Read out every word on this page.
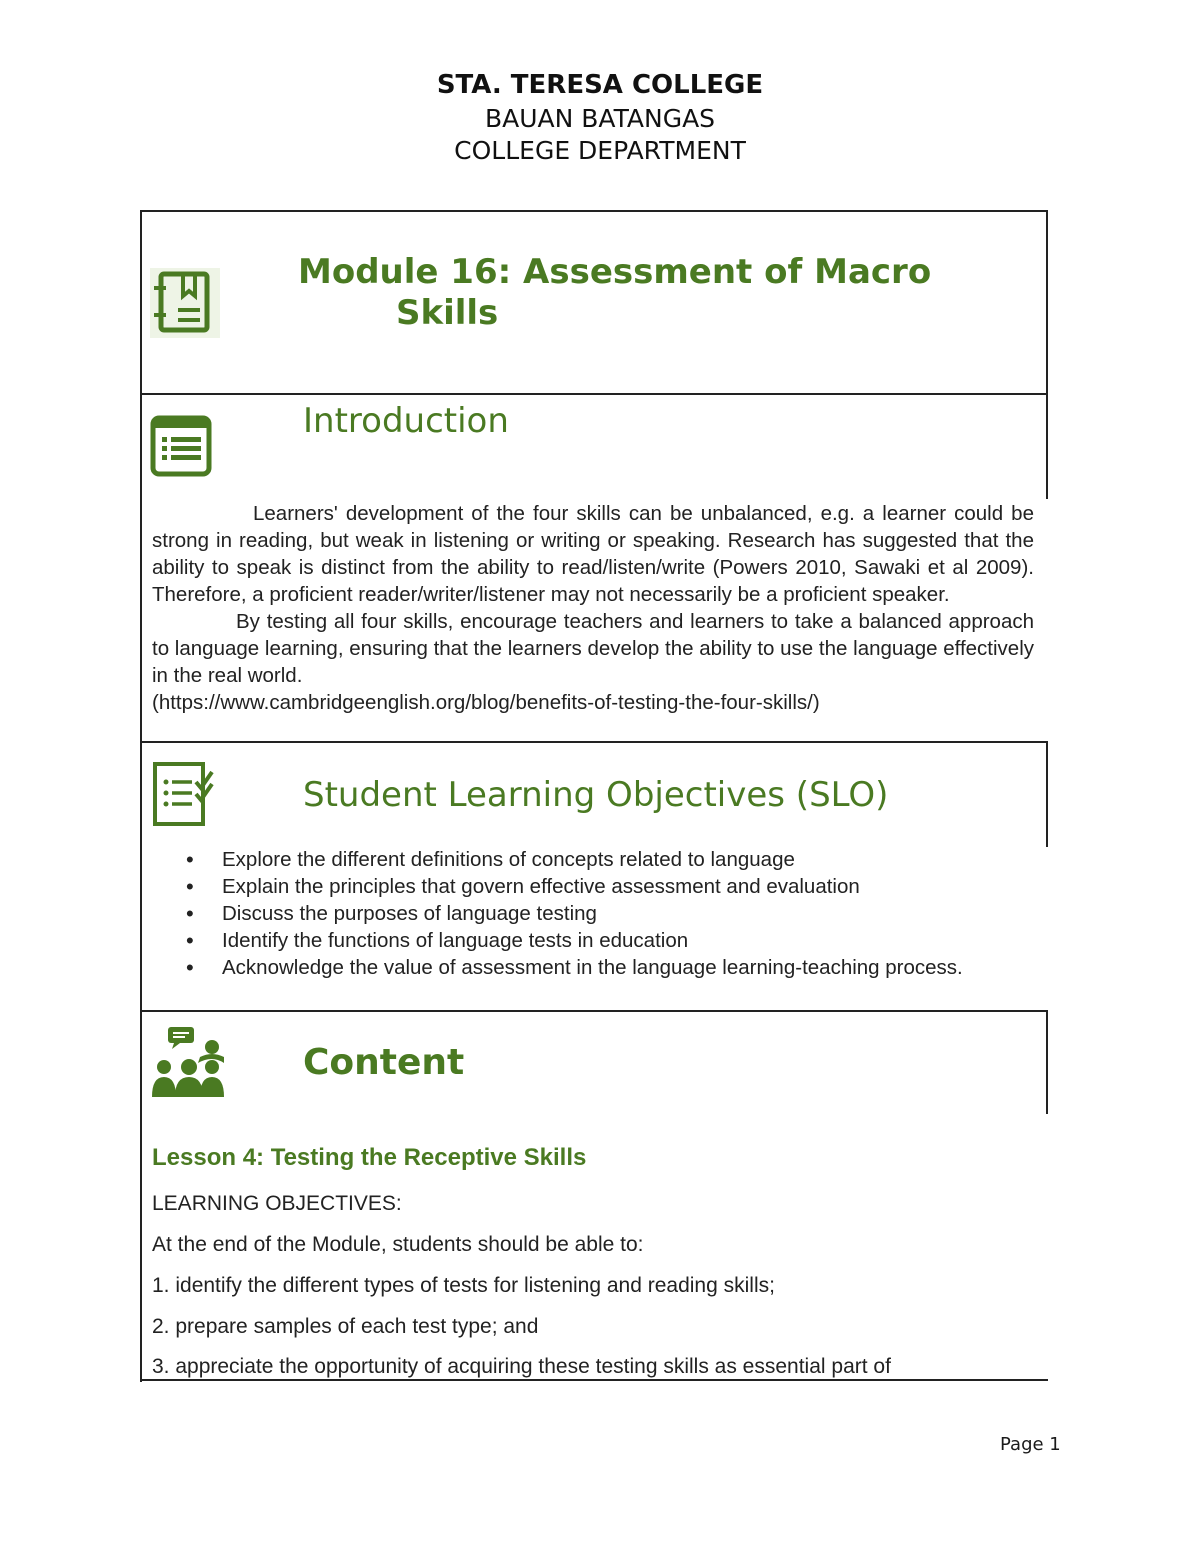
STA. TERESA COLLEGE
BAUAN BATANGAS
COLLEGE DEPARTMENT
Module 16: Assessment of Macro
Skills
Introduction

Learners' development of the four skills can be unbalanced, e.g. a learner could be strong in reading, but weak in listening or writing or speaking. Research has suggested that the ability to speak is distinct from the ability to read/listen/write (Powers 2010, Sawaki et al 2009). Therefore, a proficient reader/writer/listener may not necessarily be a proficient speaker.

By testing all four skills, encourage teachers and learners to take a balanced approach to language learning, ensuring that the learners develop the ability to use the language effectively in the real world.

(https://www.cambridgeenglish.org/blog/benefits-of-testing-the-four-skills/)

Student Learning Objectives (SLO)
• Explore the different definitions of concepts related to language
• Explain the principles that govern effective assessment and evaluation
• Discuss the purposes of language testing
• Identify the functions of language tests in education
• Acknowledge the value of assessment in the language learning-teaching process.
Content
Lesson 4: Testing the Receptive Skills
LEARNING OBJECTIVES:
At the end of the Module, students should be able to:
1. identify the different types of tests for listening and reading skills;
2. prepare samples of each test type; and
3. appreciate the opportunity of acquiring these testing skills as essential part of
Page 1
